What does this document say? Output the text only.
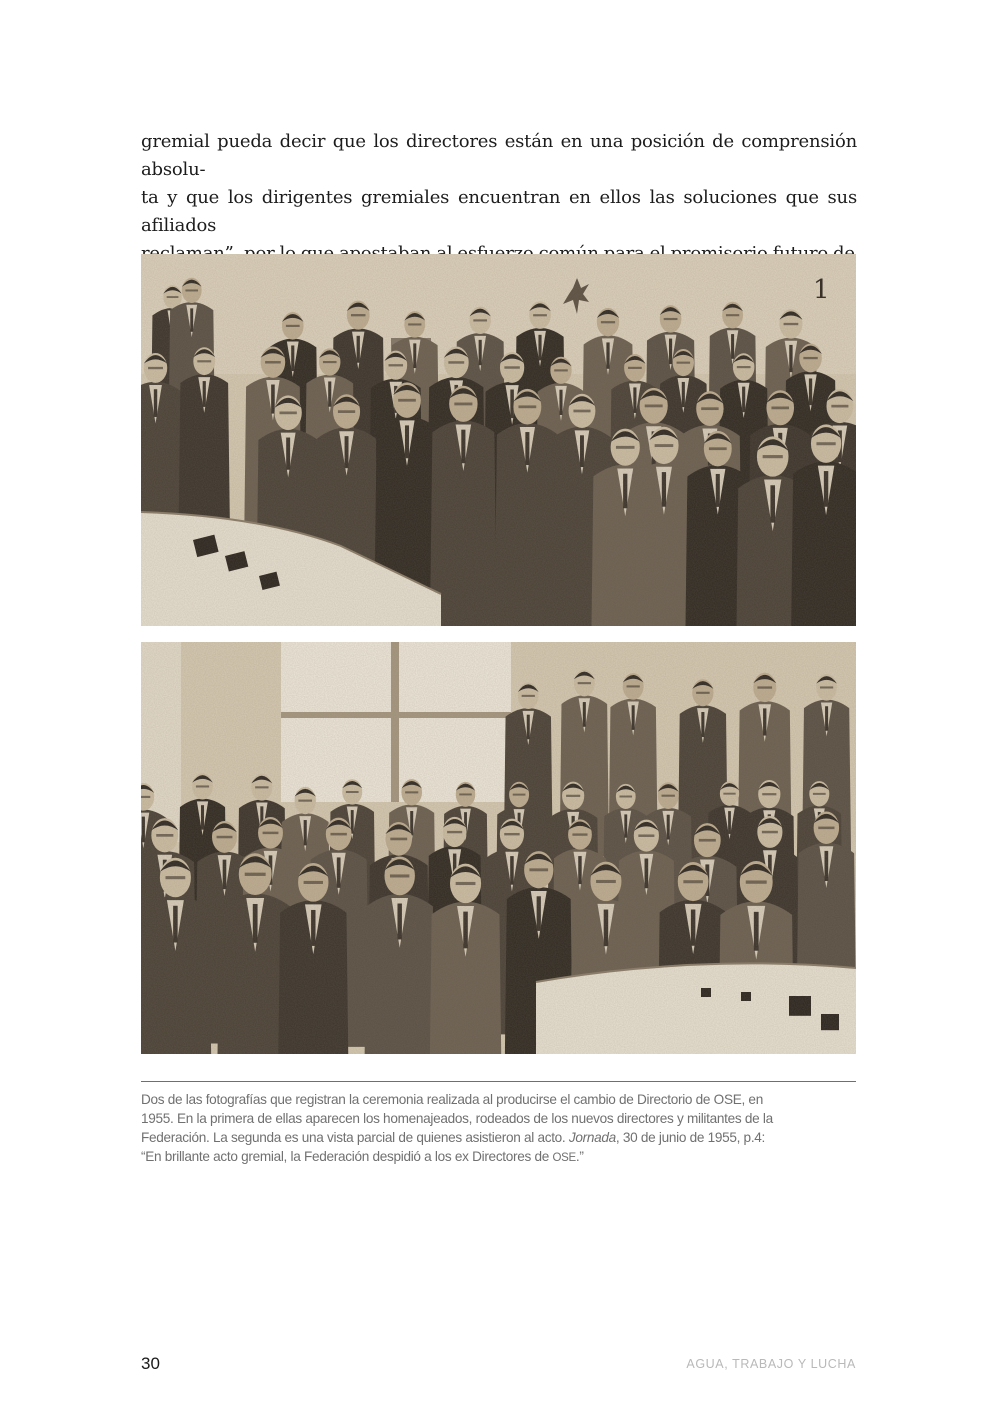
gremial pueda decir que los directores están en una posición de comprensión absolu-
ta y que los dirigentes gremiales encuentran en ellos las soluciones que sus afiliados

1

Dos de las fotografías que registran la ceremonia realizada al producirse el cambio de Directorio de OSE, en
1955. En la primera de ellas aparecen los homenajeados, rodeados de los nuevos directores y militantes de la
Federación. La segunda es una vista parcial de quienes asistieron al acto. Jornada, 30 de junio de 1955, p.4:
“En brillante acto gremial, la Federación despidió a los ex Directores de OSE.”

30	AGUA, TRABAJO Y LUCHA
